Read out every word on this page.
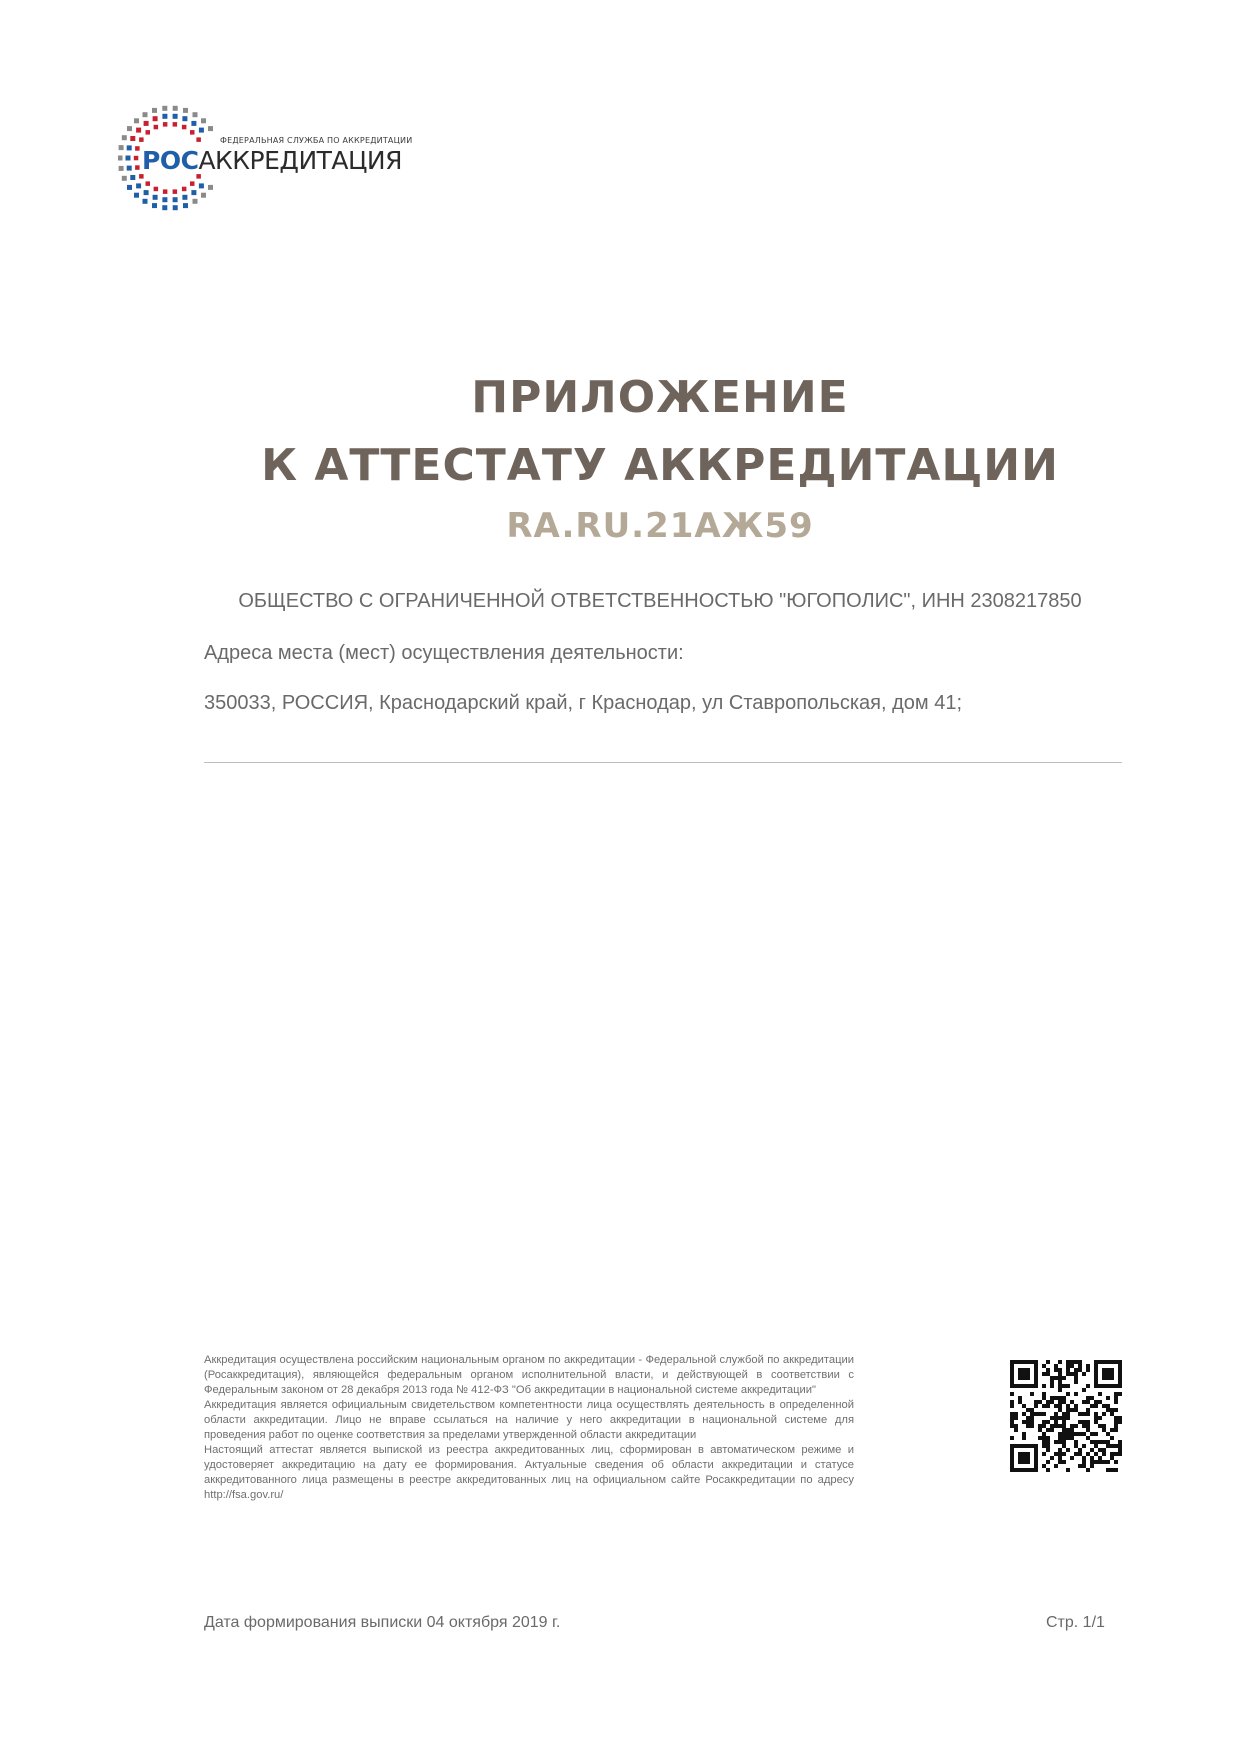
ФЕДЕРАЛЬНАЯ СЛУЖБА ПО АККРЕДИТАЦИИ
РОСАККРЕДИТАЦИЯ
ПРИЛОЖЕНИЕ
К АТТЕСТАТУ АККРЕДИТАЦИИ
RA.RU.21АЖ59
ОБЩЕСТВО С ОГРАНИЧЕННОЙ ОТВЕТСТВЕННОСТЬЮ "ЮГОПОЛИС", ИНН 2308217850
Адреса места (мест) осуществления деятельности:
350033, РОССИЯ, Краснодарский край, г Краснодар, ул Ставропольская, дом 41;

Аккредитация осуществлена российским национальным органом по аккредитации - Федеральной службой по аккредитации (Росаккредитация), являющейся федеральным органом исполнительной власти, и действующей в соответствии с Федеральным законом от 28 декабря 2013 года № 412-ФЗ "Об аккредитации в национальной системе аккредитации"

Аккредитация является официальным свидетельством компетентности лица осуществлять деятельность в определенной области аккредитации. Лицо не вправе ссылаться на наличие у него аккредитации в национальной системе для проведения работ по оценке соответствия за пределами утвержденной области аккредитации

Настоящий аттестат является выпиской из реестра аккредитованных лиц, сформирован в автоматическом режиме и удостоверяет аккредитацию на дату ее формирования. Актуальные сведения об области аккредитации и статусе аккредитованного лица размещены в реестре аккредитованных лиц на официальном сайте Росаккредитации по адресу http://fsa.gov.ru/

Дата формирования выписки 04 октября 2019 г.	Стр. 1/1
